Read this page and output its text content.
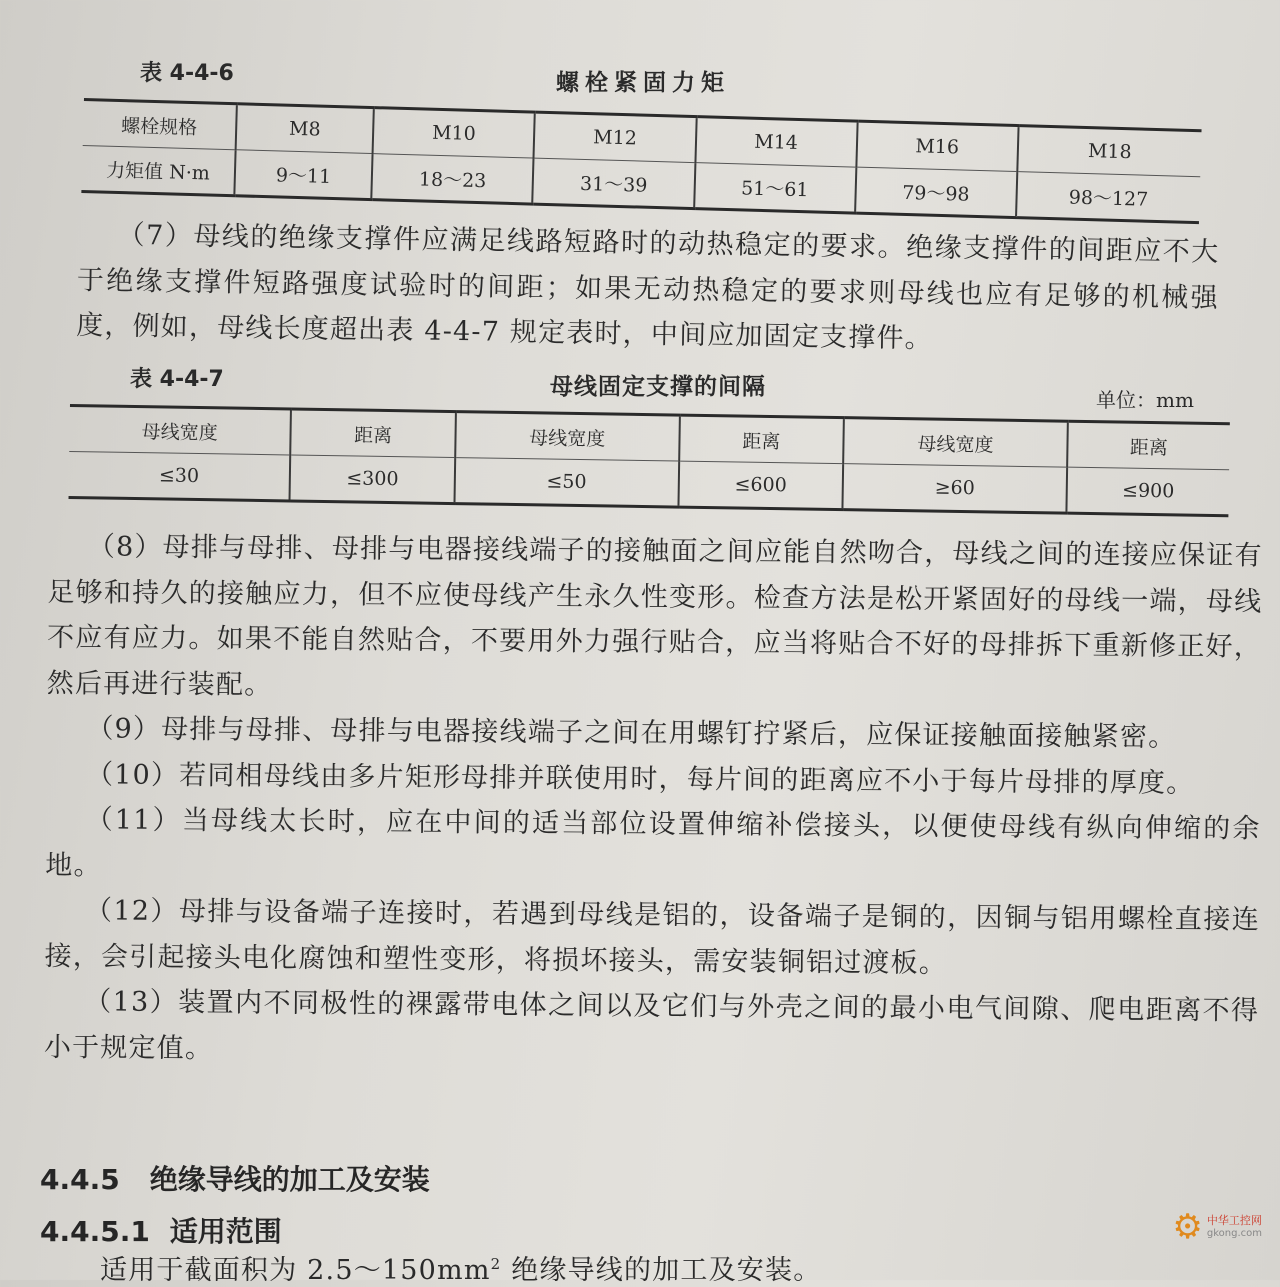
表 4-4-6	螺栓紧固力矩
螺栓规格	M8	M10	M12	M14	M16	M18
力矩值 N·m	9～11	18～23	31～39	51～61	79～98	98～127

（7）母线的绝缘支撑件应满足线路短路时的动热稳定的要求。绝缘支撑件的间距应不大于绝缘支撑件短路强度试验时的间距；如果无动热稳定的要求则母线也应有足够的机械强度，例如，母线长度超出表 4-4-7 规定表时，中间应加固定支撑件。

表 4-4-7	母线固定支撑的间隔	单位：mm
母线宽度	距离	母线宽度	距离	母线宽度	距离
≤30	≤300	≤50	≤600	≥60	≤900

（8）母排与母排、母排与电器接线端子的接触面之间应能自然吻合，母线之间的连接应保证有足够和持久的接触应力，但不应使母线产生永久性变形。检查方法是松开紧固好的母线一端，母线不应有应力。如果不能自然贴合，不要用外力强行贴合，应当将贴合不好的母排拆下重新修正好，然后再进行装配。

（9）母排与母排、母排与电器接线端子之间在用螺钉拧紧后，应保证接触面接触紧密。

（10）若同相母线由多片矩形母排并联使用时，每片间的距离应不小于每片母排的厚度。

（11）当母线太长时，应在中间的适当部位设置伸缩补偿接头，以便使母线有纵向伸缩的余地。

（12）母排与设备端子连接时，若遇到母线是铝的，设备端子是铜的，因铜与铝用螺栓直接连接，会引起接头电化腐蚀和塑性变形，将损坏接头，需安装铜铝过渡板。

（13）装置内不同极性的裸露带电体之间以及它们与外壳之间的最小电气间隙、爬电距离不得小于规定值。

4.4.5 绝缘导线的加工及安装
4.4.5.1 适用范围
适用于截面积为 $2.5\sim 150mm^2$ 绝缘导线的加工及安装。
⚙ 中华工控网
gkong.com
